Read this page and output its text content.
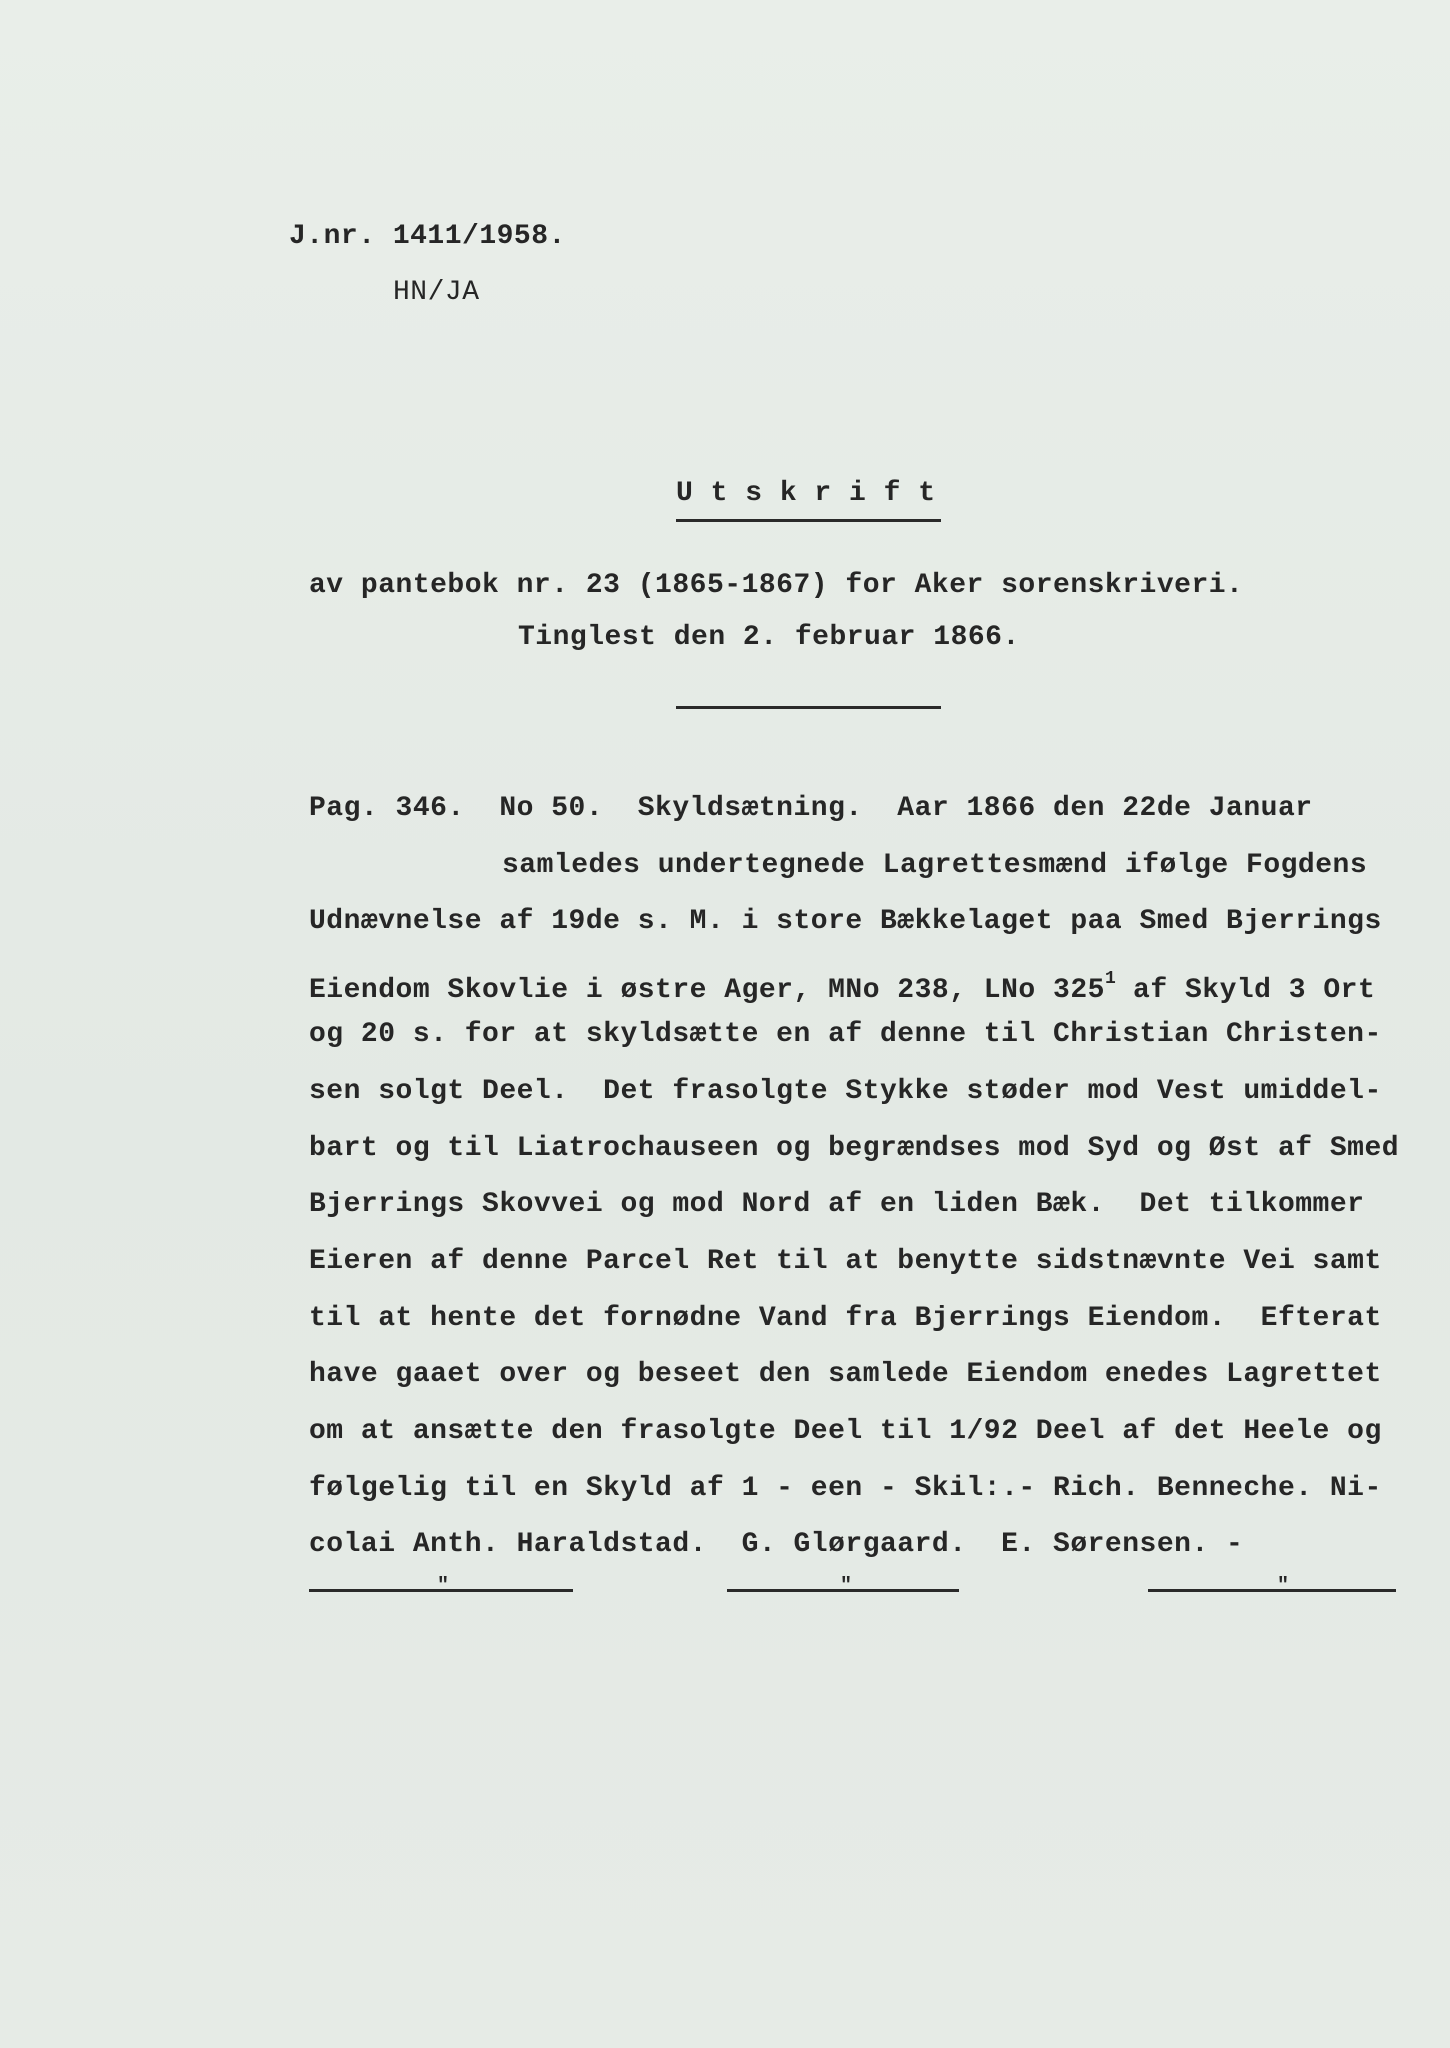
J.nr. 1411/1958.
HN/JA
U t s k r i f t
av pantebok nr. 23 (1865-1867) for Aker sorenskriveri.
Tinglest den 2. februar 1866.
Pag. 346.  No 50.  Skyldsætning.  Aar 1866 den 22de Januar
samledes undertegnede Lagrettesmænd ifølge Fogdens
Udnævnelse af 19de s. M. i store Bækkelaget paa Smed Bjerrings
Eiendom Skovlie i østre Ager, MNo 238, LNo $325^1$ af Skyld 3 Ort
og 20 s. for at skyldsætte en af denne til Christian Christen-
sen solgt Deel.  Det frasolgte Stykke støder mod Vest umiddel-
bart og til Liatrochauseen og begrændses mod Syd og Øst af Smed
Bjerrings Skovvei og mod Nord af en liden Bæk.  Det tilkommer
Eieren af denne Parcel Ret til at benytte sidstnævnte Vei samt
til at hente det fornødne Vand fra Bjerrings Eiendom.  Efterat
have gaaet over og beseet den samlede Eiendom enedes Lagrettet
om at ansætte den frasolgte Deel til 1/92 Deel af det Heele og
følgelig til en Skyld af 1 - een - Skil:.- Rich. Benneche. Ni-
colai Anth. Haraldstad.  G. Glørgaard.  E. Sørensen. -
"	"	"
